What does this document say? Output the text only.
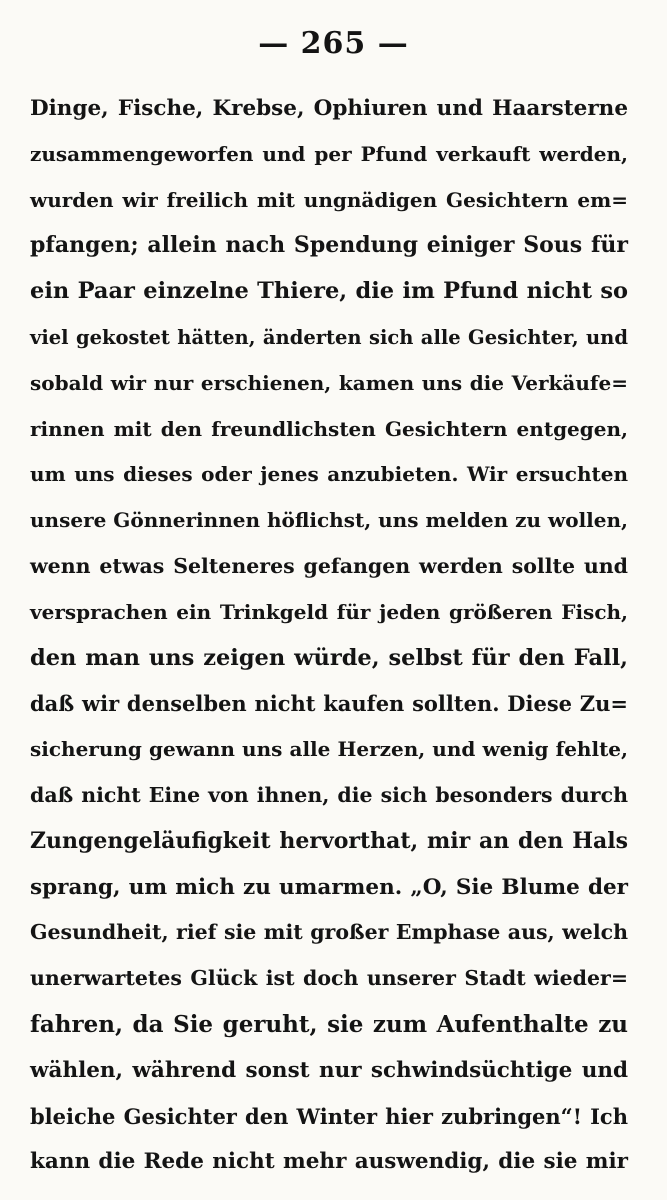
— 265 —
Dinge, Fische, Krebse, Ophiuren und Haarsterne
zusammengeworfen und per Pfund verkauft werden,
wurden wir freilich mit ungnädigen Gesichtern em=
pfangen; allein nach Spendung einiger Sous für
ein Paar einzelne Thiere, die im Pfund nicht so
viel gekostet hätten, änderten sich alle Gesichter, und
sobald wir nur erschienen, kamen uns die Verkäufe=
rinnen mit den freundlichsten Gesichtern entgegen,
um uns dieses oder jenes anzubieten. Wir ersuchten
unsere Gönnerinnen höflichst, uns melden zu wollen,
wenn etwas Selteneres gefangen werden sollte und
versprachen ein Trinkgeld für jeden größeren Fisch,
den man uns zeigen würde, selbst für den Fall,
daß wir denselben nicht kaufen sollten. Diese Zu=
sicherung gewann uns alle Herzen, und wenig fehlte,
daß nicht Eine von ihnen, die sich besonders durch
Zungengeläufigkeit hervorthat, mir an den Hals
sprang, um mich zu umarmen. „O, Sie Blume der
Gesundheit, rief sie mit großer Emphase aus, welch
unerwartetes Glück ist doch unserer Stadt wieder=
fahren, da Sie geruht, sie zum Aufenthalte zu
wählen, während sonst nur schwindsüchtige und
bleiche Gesichter den Winter hier zubringen“! Ich
kann die Rede nicht mehr auswendig, die sie mir
